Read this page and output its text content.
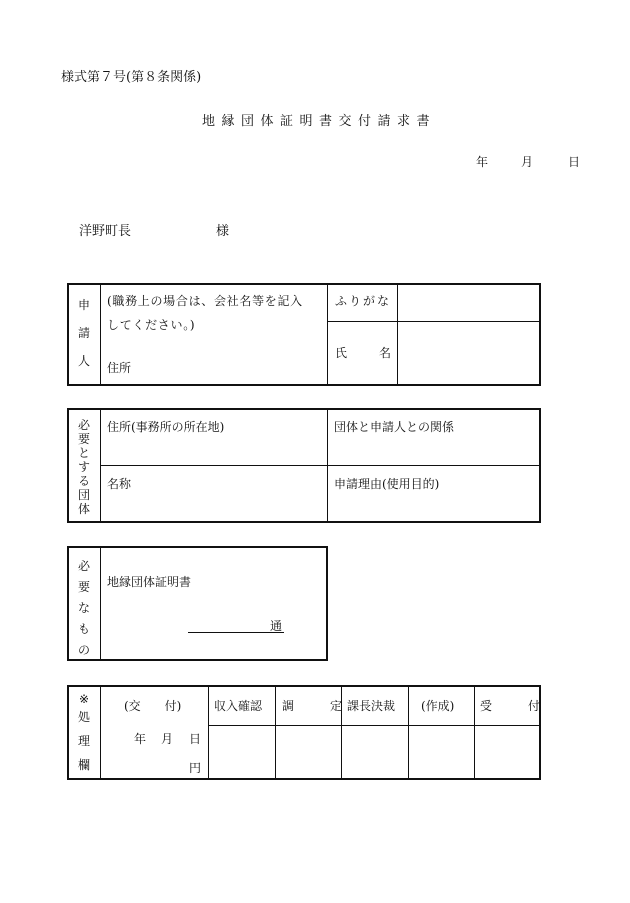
様式第７号(第８条関係)
地縁団体証明書交付請求書
年	月	日
洋野町長	様
申
請
人
(職務上の場合は、会社名等を記入
してください。)
住所
ふりがな
氏	名
必
要
と
す
る
団
体
住所(事務所の所在地)	団体と申請人との関係
名称	申請理由(使用目的)
必
要
な
も
の
地縁団体証明書
通
※
処
理
欄
(交　　付)	収入確認 調　　　定 課長決裁 (作成) 受　　　付
年 月 日
円
